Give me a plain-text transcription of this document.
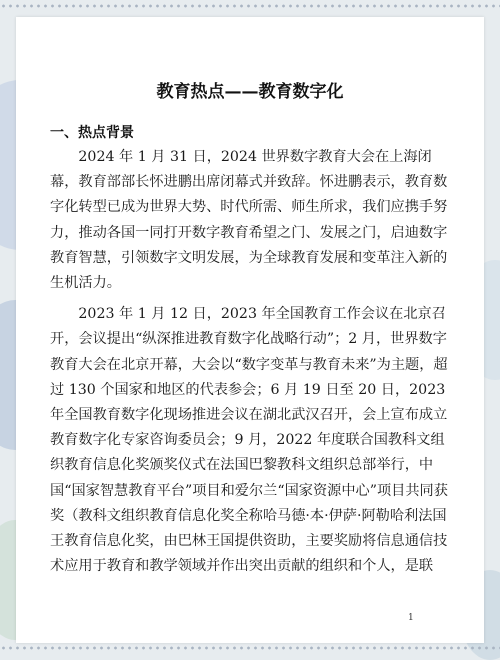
教育热点——教育数字化
一、热点背景

2024 年 1 月 31 日，2024 世界数字教育大会在上海闭幕，教育部部长怀进鹏出席闭幕式并致辞。怀进鹏表示，教育数字化转型已成为世界大势、时代所需、师生所求，我们应携手努力，推动各国一同打开数字教育希望之门、发展之门，启迪数字教育智慧，引领数字文明发展，为全球教育发展和变革注入新的生机活力。

2023 年 1 月 12 日，2023 年全国教育工作会议在北京召开，会议提出“纵深推进教育数字化战略行动”；2 月，世界数字教育大会在北京开幕，大会以“数字变革与教育未来”为主题，超过 130 个国家和地区的代表参会；6 月 19 日至 20 日，2023 年全国教育数字化现场推进会议在湖北武汉召开，会上宣布成立教育数字化专家咨询委员会；9 月，2022 年度联合国教科文组织教育信息化奖颁奖仪式在法国巴黎教科文组织总部举行，中国“国家智慧教育平台”项目和爱尔兰“国家资源中心”项目共同获奖（教科文组织教育信息化奖全称哈马德·本·伊萨·阿勒哈利法国王教育信息化奖，由巴林王国提供资助，主要奖励将信息通信技术应用于教育和教学领域并作出突出贡献的组织和个人，是联

1
